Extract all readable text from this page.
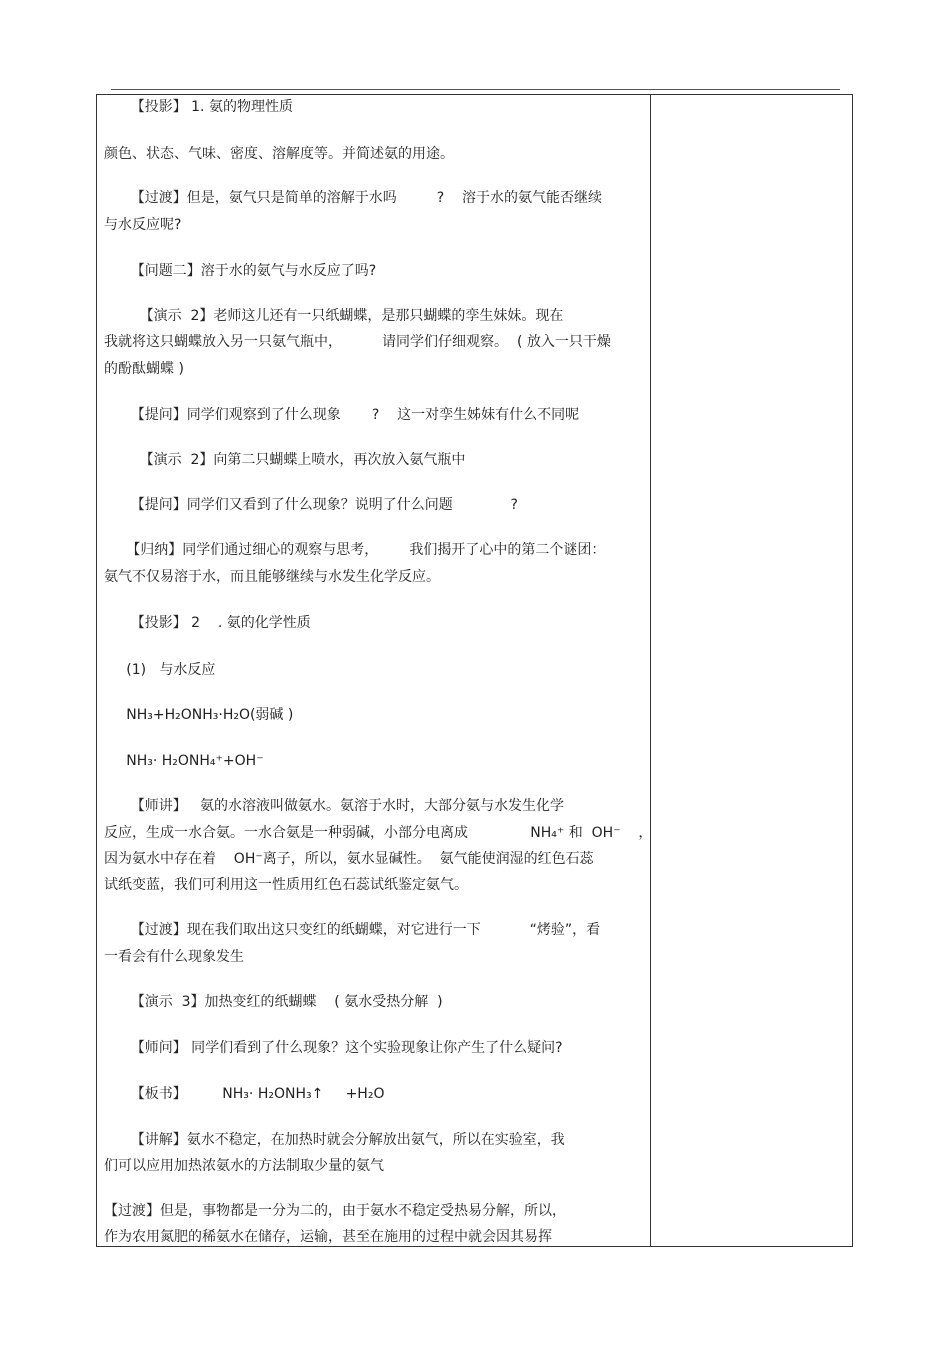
【投影】 1. 氨的物理性质
颜色、状态、气味、密度、溶解度等。并简述氨的用途。
【过渡】但是，氨气只是简单的溶解于水吗         ?    溶于水的氨气能否继续
与水反应呢?
【问题二】溶于水的氨气与水反应了吗?
【演示  2】老师这儿还有一只纸蝴蝶，是那只蝴蝶的孪生妹妹。现在
我就将这只蝴蝶放入另一只氨气瓶中，         请同学们仔细观察。  ( 放入一只干燥
的酚酞蝴蝶 )
【提问】同学们观察到了什么现象       ?    这一对孪生姊妹有什么不同呢
【演示  2】向第二只蝴蝶上喷水，再次放入氨气瓶中
【提问】同学们又看到了什么现象？说明了什么问题             ?
【归纳】同学们通过细心的观察与思考，       我们揭开了心中的第二个谜团：
氨气不仅易溶于水，而且能够继续与水发生化学反应。
【投影】 2    . 氨的化学性质
(1)   与水反应
NH₃+H₂ONH₃·H₂O(弱碱 )
NH₃· H₂ONH₄⁺+OH⁻
【师讲】   氨的水溶液叫做氨水。氨溶于水时，大部分氨与水发生化学
反应，生成一水合氨。一水合氨是一种弱碱，小部分电离成              NH₄⁺ 和  OH⁻    ，
因为氨水中存在着    OH⁻离子，所以，氨水显碱性。  氨气能使润湿的红色石蕊
试纸变蓝，我们可利用这一性质用红色石蕊试纸鉴定氨气。
【过渡】现在我们取出这只变红的纸蝴蝶，对它进行一下           “烤验”，看
一看会有什么现象发生
【演示  3】加热变红的纸蝴蝶    ( 氨水受热分解  )
【师问】 同学们看到了什么现象？这个实验现象让你产生了什么疑问?
【板书】        NH₃· H₂ONH₃↑     +H₂O
【讲解】氨水不稳定，在加热时就会分解放出氨气，所以在实验室，我
们可以应用加热浓氨水的方法制取少量的氨气
【过渡】但是，事物都是一分为二的，由于氨水不稳定受热易分解，所以，
作为农用氮肥的稀氨水在储存，运输，甚至在施用的过程中就会因其易挥
